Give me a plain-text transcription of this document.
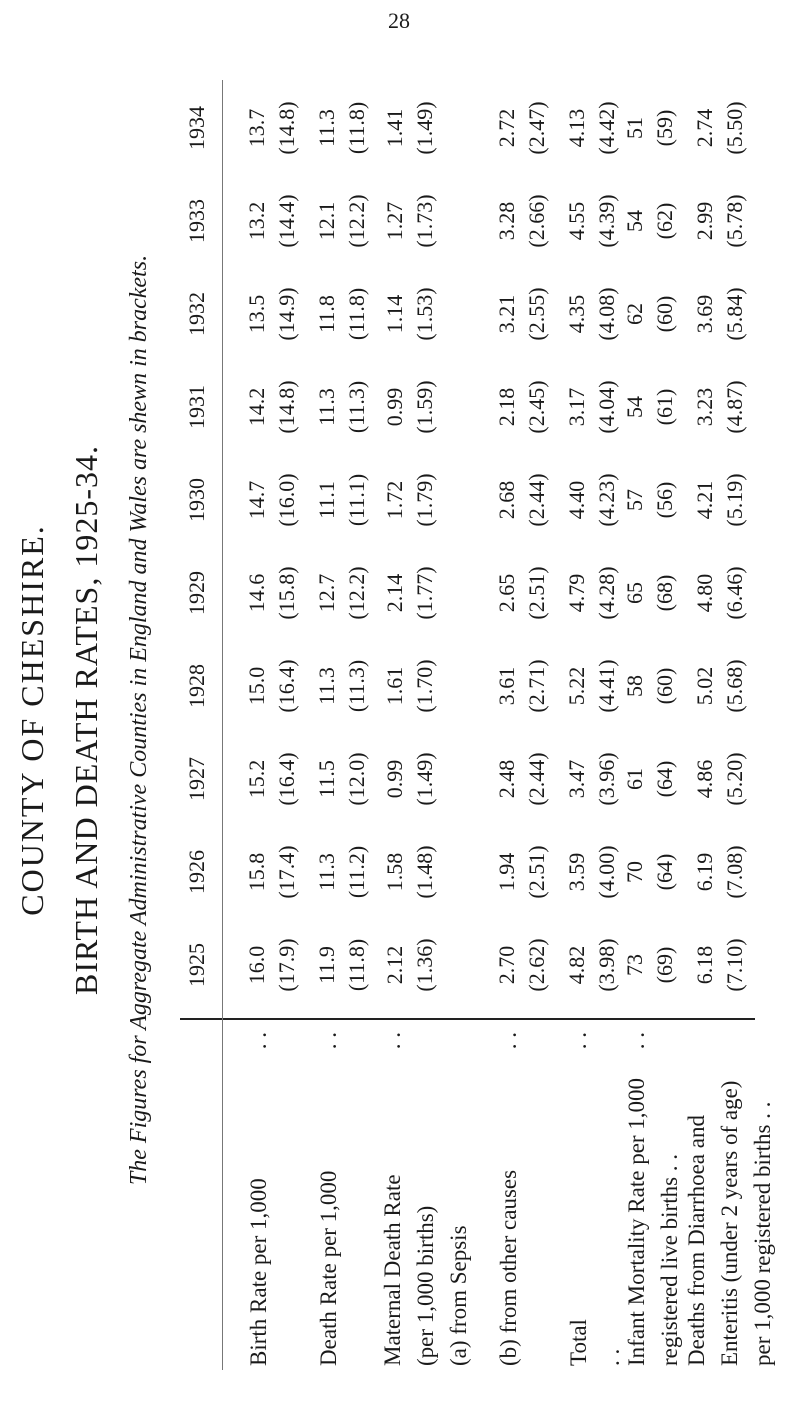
28
COUNTY OF CHESHIRE. BIRTH AND DEATH RATES, 1925-34. The Figures for Aggregate Administrative Counties in England and Wales are shewn in brackets. 1925
1926
1927
1928
1929
1930
1931
1932
1933
1934
Birth Rate per 1,000
. .
16.0 (17.9)
15.8 (17.4)
15.2 (16.4)
15.0 (16.4)
14.6 (15.8)
14.7 (16.0)
14.2 (14.8)
13.5 (14.9)
13.2 (14.4)
13.7 (14.8)
Death Rate per 1,000
. .
11.9 (11.8)
11.3 (11.2)
11.5 (12.0)
11.3 (11.3)
12.7 (12.2)
11.1 (11.1)
11.3 (11.3)
11.8 (11.8)
12.1 (12.2)
11.3 (11.8)
Maternal Death Rate (per 1,000 births) (a) from Sepsis
. .
2.12 (1.36)
1.58 (1.48)
0.99 (1.49)
1.61 (1.70)
2.14 (1.77)
1.72 (1.79)
0.99 (1.59)
1.14 (1.53)
1.27 (1.73)
1.41 (1.49)
(b) from other causes
. .
2.70 (2.62)
1.94 (2.51)
2.48 (2.44)
3.61 (2.71)
2.65 (2.51)
2.68 (2.44)
2.18 (2.45)
3.21 (2.55)
3.28 (2.66)
2.72 (2.47)
Total . .
. .
4.82 (3.98)
3.59 (4.00)
3.47 (3.96)
5.22 (4.41)
4.79 (4.28)
4.40 (4.23)
3.17 (4.04)
4.35 (4.08)
4.55 (4.39)
4.13 (4.42)
Infant Mortality Rate per 1,000 registered live births . .
. .
73 (69)
70 (64)
61 (64)
58 (60)
65 (68)
57 (56)
54 (61)
62 (60)
54 (62)
51 (59)
Deaths from Diarrhoea and Enteritis (under 2 years of age) per 1,000 registered births . .
6.18 (7.10)
6.19 (7.08)
4.86 (5.20)
5.02 (5.68)
4.80 (6.46)
4.21 (5.19)
3.23 (4.87)
3.69 (5.84)
2.99 (5.78)
2.74 (5.50)
